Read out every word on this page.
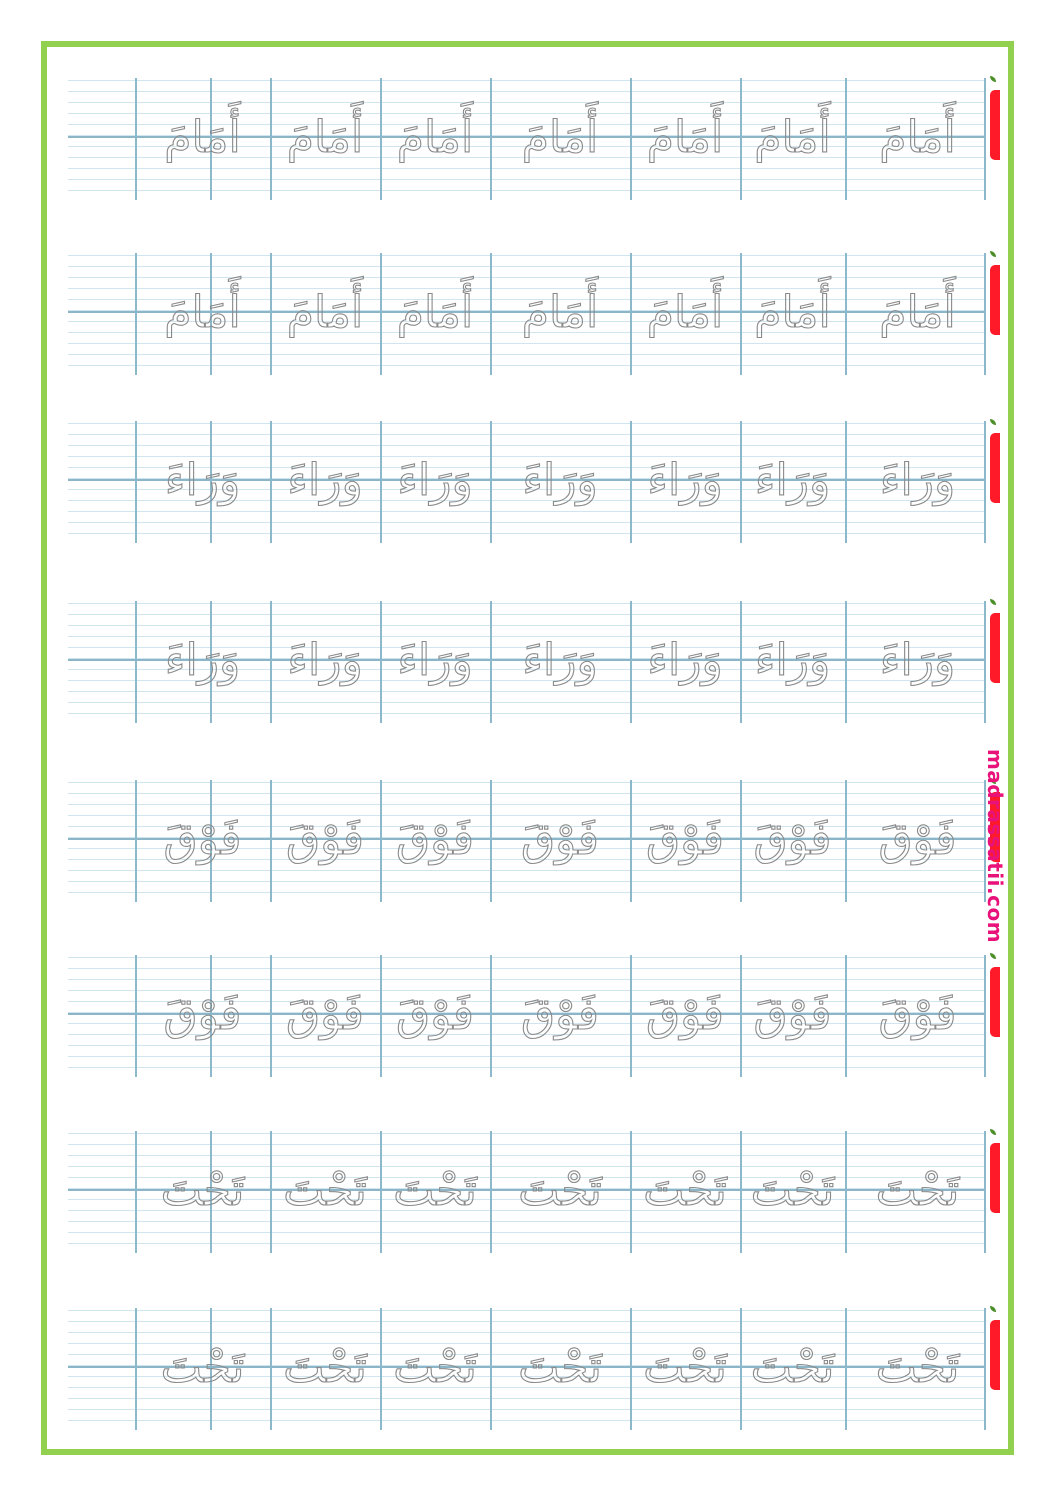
أَمَامَ
أَمَامَ
أَمَامَ
أَمَامَ
أَمَامَ
أَمَامَ
أَمَامَ
أَمَامَ
أَمَامَ
أَمَامَ
أَمَامَ
أَمَامَ
أَمَامَ
أَمَامَ
وَرَاءَ
وَرَاءَ
وَرَاءَ
وَرَاءَ
وَرَاءَ
وَرَاءَ
وَرَاءَ
وَرَاءَ
وَرَاءَ
وَرَاءَ
وَرَاءَ
وَرَاءَ
وَرَاءَ
وَرَاءَ
فَوْقَ
فَوْقَ
فَوْقَ
فَوْقَ
فَوْقَ
فَوْقَ
فَوْقَ
فَوْقَ
فَوْقَ
فَوْقَ
فَوْقَ
فَوْقَ
فَوْقَ
فَوْقَ
تَحْتَ
تَحْتَ
تَحْتَ
تَحْتَ
تَحْتَ
تَحْتَ
تَحْتَ
تَحْتَ
تَحْتَ
تَحْتَ
تَحْتَ
تَحْتَ
تَحْتَ
تَحْتَ
madrassatii.com
